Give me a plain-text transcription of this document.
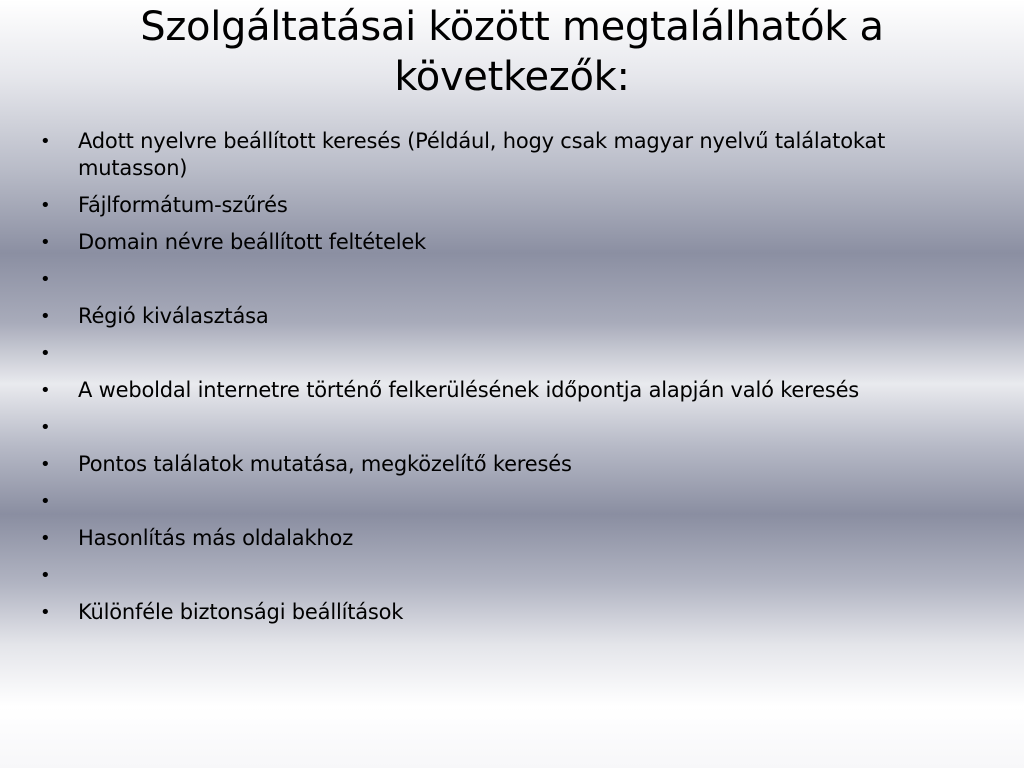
Szolgáltatásai között megtalálhatók a következők:
• Adott nyelvre beállított keresés (Például, hogy csak magyar nyelvű találatokat mutasson)
• Fájlformátum-szűrés
• Domain névre beállított feltételek
•
• Régió kiválasztása
•
• A weboldal internetre történő felkerülésének időpontja alapján való keresés
•
• Pontos találatok mutatása, megközelítő keresés
•
• Hasonlítás más oldalakhoz
•
• Különféle biztonsági beállítások
